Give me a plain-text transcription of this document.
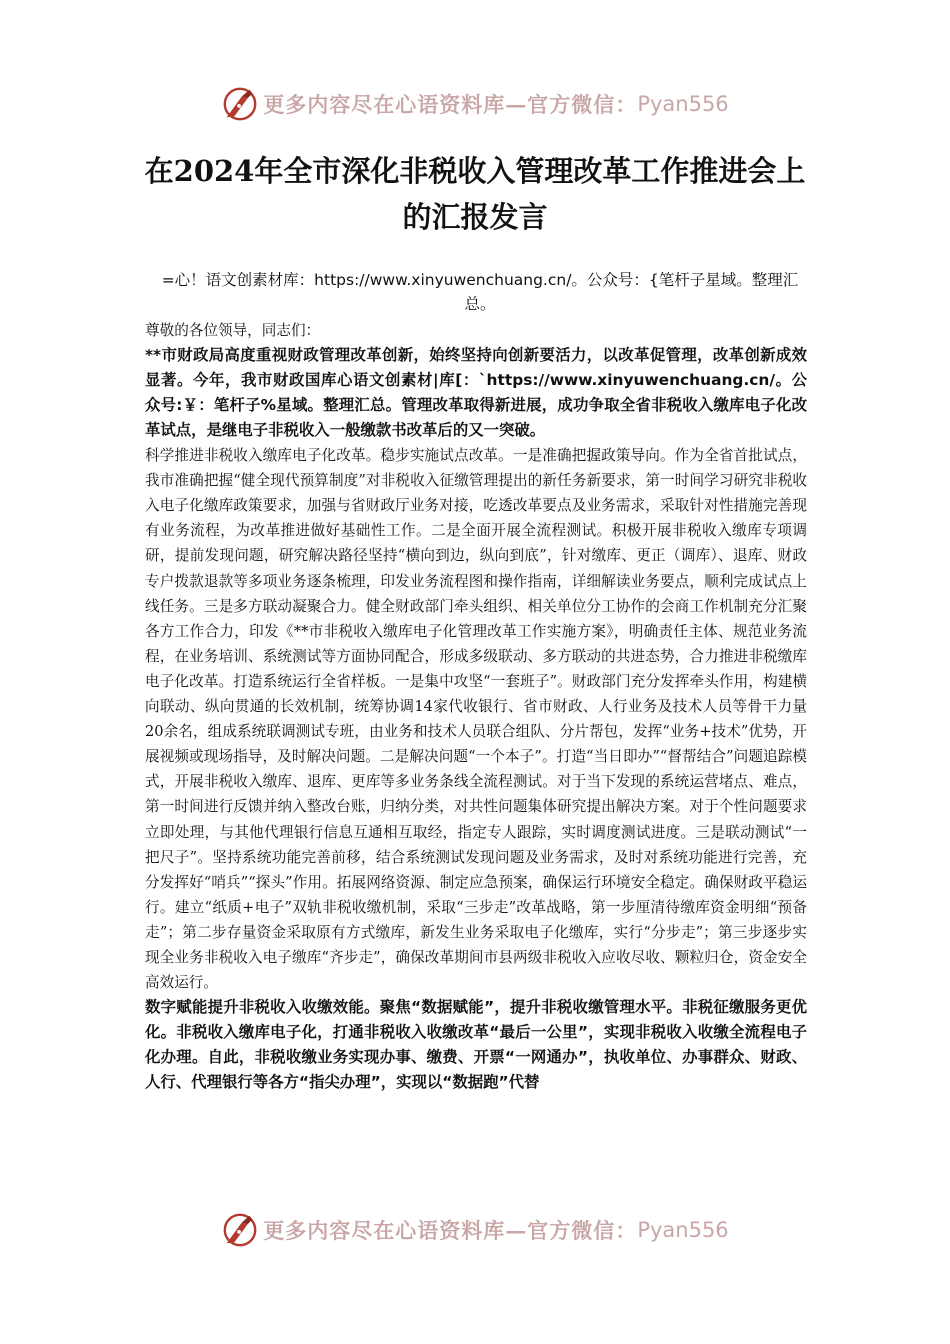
更多内容尽在心语资料库—官方微信： Pyan556
在2024年全市深化非税收入管理改革工作推进会上的汇报发言
=心！语文创素材库：https://www.xinyuwenchuang.cn/。公众号：{笔杆子星域。整理汇总。

尊敬的各位领导，同志们：

**市财政局高度重视财政管理改革创新，始终坚持向创新要活力，以改革促管理，改革创新成效显著。今年，我市财政国库心语文创素材|库[：`https://www.xinyuwenchuang.cn/。公众号:￥：笔杆子%星域。整理汇总。管理改革取得新进展，成功争取全省非税收入缴库电子化改革试点，是继电子非税收入一般缴款书改革后的又一突破。

科学推进非税收入缴库电子化改革。稳步实施试点改革。一是准确把握政策导向。作为全省首批试点，我市准确把握“健全现代预算制度”对非税收入征缴管理提出的新任务新要求，第一时间学习研究非税收入电子化缴库政策要求，加强与省财政厅业务对接，吃透改革要点及业务需求，采取针对性措施完善现有业务流程，为改革推进做好基础性工作。二是全面开展全流程测试。积极开展非税收入缴库专项调研，提前发现问题，研究解决路径坚持“横向到边，纵向到底”，针对缴库、更正（调库）、退库、财政专户拨款退款等多项业务逐条梳理，印发业务流程图和操作指南，详细解读业务要点，顺利完成试点上线任务。三是多方联动凝聚合力。健全财政部门牵头组织、相关单位分工协作的会商工作机制充分汇聚各方工作合力，印发《**市非税收入缴库电子化管理改革工作实施方案》，明确责任主体、规范业务流程，在业务培训、系统测试等方面协同配合，形成多级联动、多方联动的共进态势，合力推进非税缴库电子化改革。打造系统运行全省样板。一是集中攻坚“一套班子”。财政部门充分发挥牵头作用，构建横向联动、纵向贯通的长效机制，统筹协调14家代收银行、省市财政、人行业务及技术人员等骨干力量20余名，组成系统联调测试专班，由业务和技术人员联合组队、分片帮包，发挥“业务+技术”优势，开展视频或现场指导，及时解决问题。二是解决问题“一个本子”。打造“当日即办”“督帮结合”问题追踪模式，开展非税收入缴库、退库、更库等多业务条线全流程测试。对于当下发现的系统运营堵点、难点，第一时间进行反馈并纳入整改台账，归纳分类，对共性问题集体研究提出解决方案。对于个性问题要求立即处理，与其他代理银行信息互通相互取经，指定专人跟踪，实时调度测试进度。三是联动测试“一把尺子”。坚持系统功能完善前移，结合系统测试发现问题及业务需求，及时对系统功能进行完善，充分发挥好“哨兵”“探头”作用。拓展网络资源、制定应急预案，确保运行环境安全稳定。确保财政平稳运行。建立“纸质+电子”双轨非税收缴机制，采取“三步走”改革战略，第一步厘清待缴库资金明细“预备走”；第二步存量资金采取原有方式缴库，新发生业务采取电子化缴库，实行“分步走”；第三步逐步实现全业务非税收入电子缴库“齐步走”，确保改革期间市县两级非税收入应收尽收、颗粒归仓，资金安全高效运行。

数字赋能提升非税收入收缴效能。聚焦“数据赋能”，提升非税收缴管理水平。非税征缴服务更优化。非税收入缴库电子化，打通非税收入收缴改革“最后一公里”，实现非税收入收缴全流程电子化办理。自此，非税收缴业务实现办事、缴费、开票“一网通办”，执收单位、办事群众、财政、人行、代理银行等各方“指尖办理”，实现以“数据跑”代替

更多内容尽在心语资料库—官方微信： Pyan556
